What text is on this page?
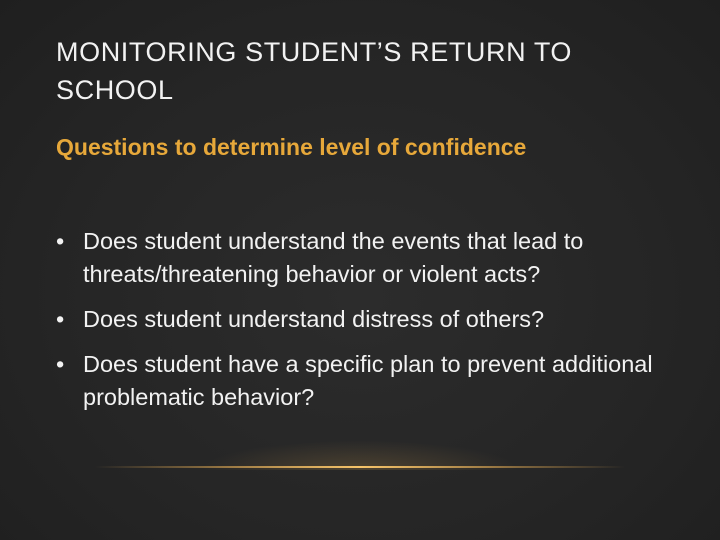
MONITORING STUDENT’S RETURN TO SCHOOL
Questions to determine level of confidence
• Does student understand the events that lead to threats/threatening behavior or violent acts?
• Does student understand distress of others?
• Does student have a specific plan to prevent additional problematic behavior?
